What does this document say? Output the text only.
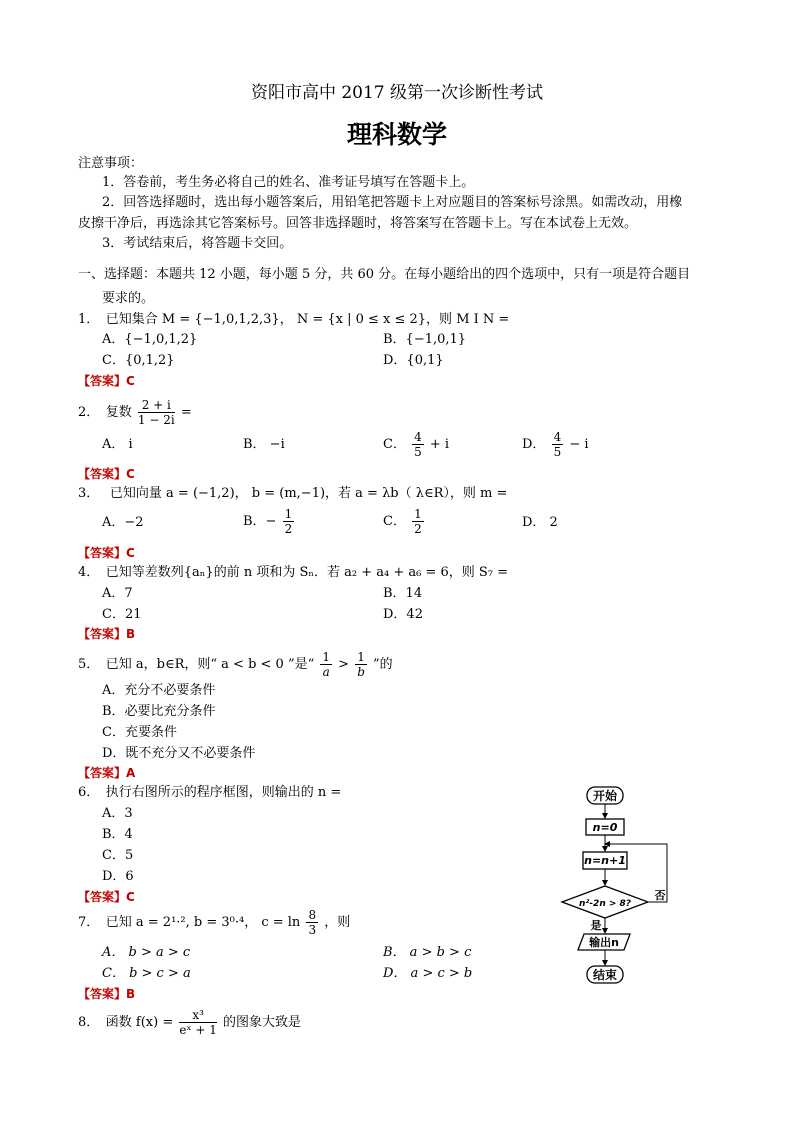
资阳市高中 2017 级第一次诊断性考试
理科数学
注意事项：
1．答卷前，考生务必将自己的姓名、准考证号填写在答题卡上。
2．回答选择题时，选出每小题答案后，用铅笔把答题卡上对应题目的答案标号涂黑。如需改动，用橡
皮擦干净后，再选涂其它答案标号。回答非选择题时，将答案写在答题卡上。写在本试卷上无效。
3．考试结束后，将答题卡交回。
一、选择题：本题共 12 小题，每小题 5 分，共 60 分。在每小题给出的四个选项中，只有一项是符合题目
要求的。
1．　已知集合 M = {−1,0,1,2,3}， N = {x | 0 ≤ x ≤ 2}，则 M I N =
A．{−1,0,1,2}	B．{−1,0,1}
C．{0,1,2}	D．{0,1}
【答案】C
2．　复数 $\frac{2 + i}{1 - 2i}$ =
A． i	B． −i	C． $\frac{4}{5} + i$	D． $\frac{4}{5} - i$
【答案】C
3．　 已知向量 a = (−1,2)， b = (m,−1)，若 a = λb（ λ∈R），则 m =
A．−2	B．− $\frac{1}{2}$	C． $\frac{1}{2}$	D． 2
【答案】C
4．　已知等差数列{aₙ}的前 n 项和为 Sₙ．若 a₂ + a₄ + a₆ = 6，则 S₇ =
A．7	B．14
C．21	D．42
【答案】B
5．　已知 a，b∈R，则“ a < b < 0 ”是“ $\frac{1}{a} > \frac{1}{b}$ ”的
A．充分不必要条件
B．必要比充分条件
C．充要条件
D．既不充分又不必要条件
【答案】A
6．　执行右图所示的程序框图，则输出的 n =
A．3
B．4
C．5
D．6
【答案】C
开始
n=0
n=n+1
n²-2n > 8?
否
是
输出n
结束
7．　已知 a = 2¹·², b = 3⁰·⁴， $c = \ln \frac{8}{3}$ ，则
A． b > a > c	B． a > b > c
C． b > c > a	D． a > c > b
【答案】B
8．　函数 $f(x) = \frac{\text{x³}}{\text{eˣ + 1}}$ 的图象大致是
